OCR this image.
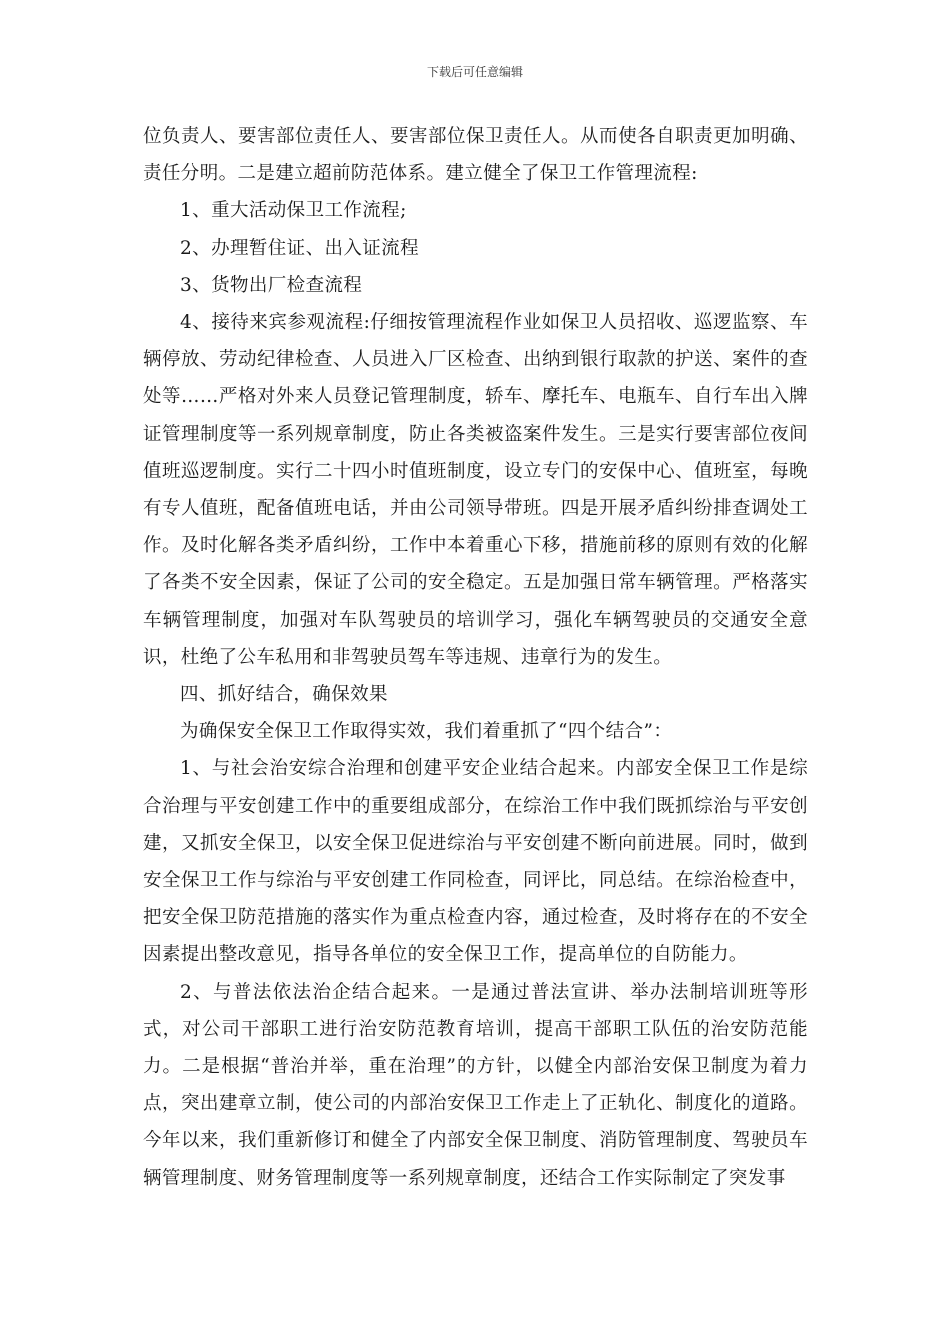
下载后可任意编辑

位负责人、要害部位责任人、要害部位保卫责任人。从而使各自职责更加明确、责任分明。二是建立超前防范体系。建立健全了保卫工作管理流程:

1、重大活动保卫工作流程;

2、办理暂住证、出入证流程

3、货物出厂检查流程

4、接待来宾参观流程:仔细按管理流程作业如保卫人员招收、巡逻监察、车辆停放、劳动纪律检查、人员进入厂区检查、出纳到银行取款的护送、案件的查处等……严格对外来人员登记管理制度，轿车、摩托车、电瓶车、自行车出入牌证管理制度等一系列规章制度，防止各类被盗案件发生。三是实行要害部位夜间值班巡逻制度。实行二十四小时值班制度，设立专门的安保中心、值班室，每晚有专人值班，配备值班电话，并由公司领导带班。四是开展矛盾纠纷排查调处工作。及时化解各类矛盾纠纷，工作中本着重心下移，措施前移的原则有效的化解了各类不安全因素，保证了公司的安全稳定。五是加强日常车辆管理。严格落实车辆管理制度，加强对车队驾驶员的培训学习，强化车辆驾驶员的交通安全意识，杜绝了公车私用和非驾驶员驾车等违规、违章行为的发生。

四、抓好结合，确保效果

为确保安全保卫工作取得实效，我们着重抓了“四个结合”：

1、与社会治安综合治理和创建平安企业结合起来。内部安全保卫工作是综合治理与平安创建工作中的重要组成部分，在综治工作中我们既抓综治与平安创建，又抓安全保卫，以安全保卫促进综治与平安创建不断向前进展。同时，做到安全保卫工作与综治与平安创建工作同检查，同评比，同总结。在综治检查中，把安全保卫防范措施的落实作为重点检查内容，通过检查，及时将存在的不安全因素提出整改意见，指导各单位的安全保卫工作，提高单位的自防能力。

2、与普法依法治企结合起来。一是通过普法宣讲、举办法制培训班等形式，对公司干部职工进行治安防范教育培训，提高干部职工队伍的治安防范能力。二是根据“普治并举，重在治理”的方针，以健全内部治安保卫制度为着力点，突出建章立制，使公司的内部治安保卫工作走上了正轨化、制度化的道路。今年以来，我们重新修订和健全了内部安全保卫制度、消防管理制度、驾驶员车辆管理制度、财务管理制度等一系列规章制度，还结合工作实际制定了突发事
